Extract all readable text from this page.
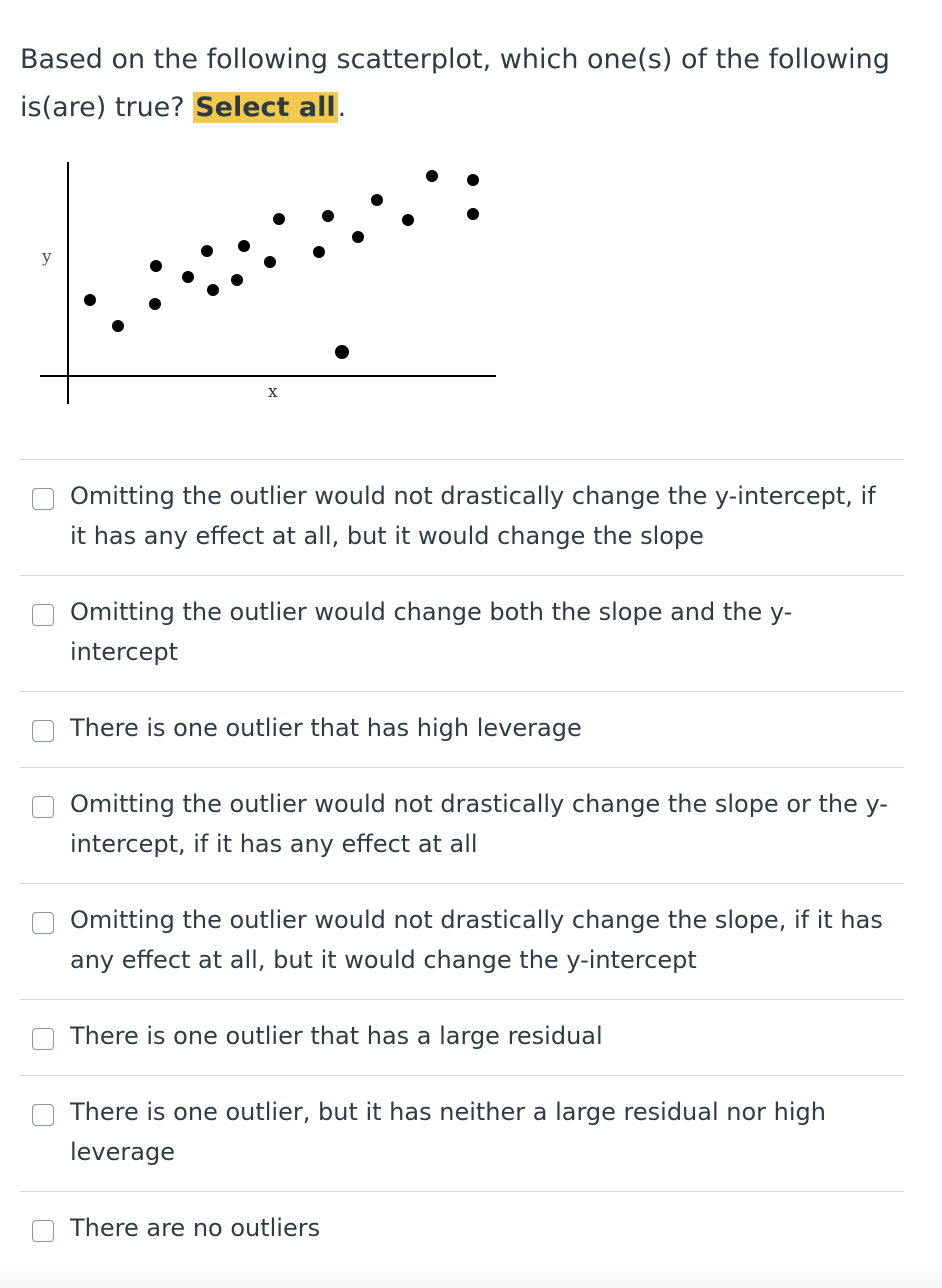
Based on the following scatterplot, which one(s) of the following is(are) true? Select all.
y
x
Omitting the outlier would not drastically change the y-intercept, if it has any effect at all, but it would change the slope
Omitting the outlier would change both the slope and the y-intercept
There is one outlier that has high leverage
Omitting the outlier would not drastically change the slope or the y-intercept, if it has any effect at all
Omitting the outlier would not drastically change the slope, if it has any effect at all, but it would change the y-intercept
There is one outlier that has a large residual
There is one outlier, but it has neither a large residual nor high leverage
There are no outliers
